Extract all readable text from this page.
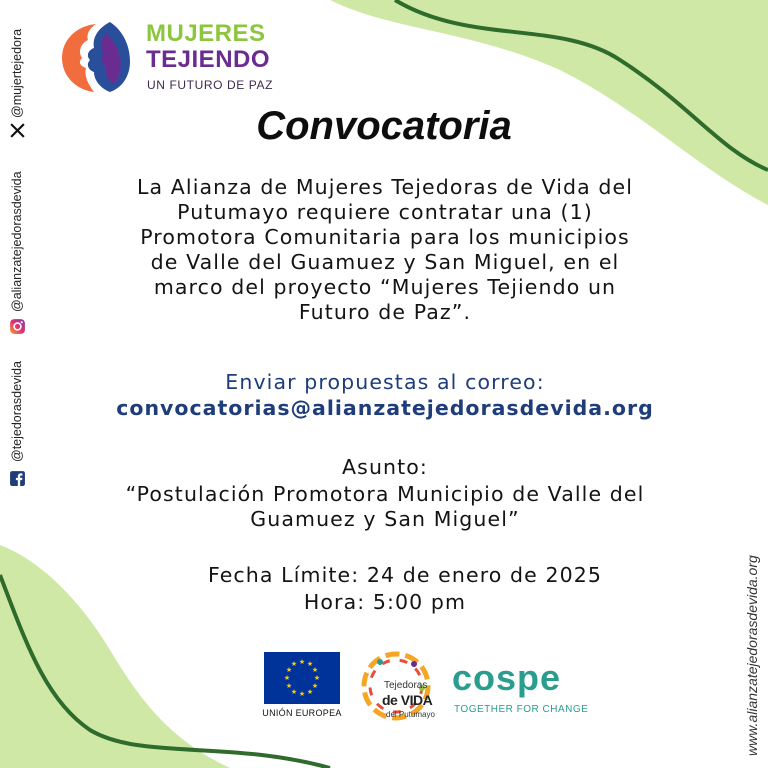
MUJERES
TEJIENDO
UN FUTURO DE PAZ
@mujertejedora
@alianzatejedorasdevida
@tejedorasdevida
www.alianzatejedorasdevida.org
Convocatoria
La Alianza de Mujeres Tejedoras de Vida del
Putumayo requiere contratar una (1)
Promotora Comunitaria para los municipios
de Valle del Guamuez y San Miguel, en el
marco del proyecto “Mujeres Tejiendo un
Futuro de Paz”.
Enviar propuestas al correo:
convocatorias@alianzatejedorasdevida.org
Asunto:
“Postulación Promotora Municipio de Valle del
Guamuez y San Miguel”
Fecha Límite: 24 de enero de 2025
Hora: 5:00 pm
★ ★
★
★
★
★
★
★
★
★
★
★
UNIÓN EUROPEA
Tejedoras
de VIDA
del Putumayo
cospe
TOGETHER FOR CHANGE
